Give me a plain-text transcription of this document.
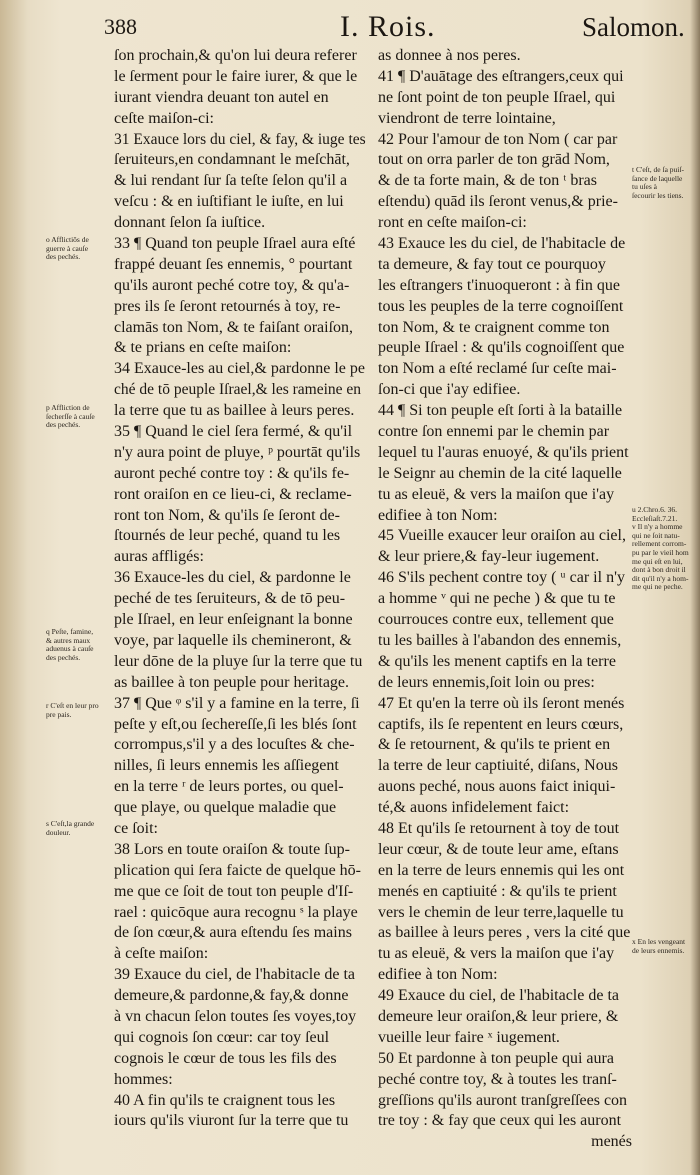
388	I. Rois.	Salomon.
ſon prochain,& qu'on lui deura referer
le ſerment pour le faire iurer, & que le
iurant viendra deuant ton autel en
ceſte maiſon-ci:
31 Exauce lors du ciel, & fay, & iuge tes
ſeruiteurs,en condamnant le meſchāt,
& lui rendant ſur ſa teſte ſelon qu'il a
veſcu : & en iuſtifiant le iuſte, en lui
donnant ſelon ſa iuſtice.
33 ¶ Quand ton peuple Iſrael aura eſté
frappé deuant ſes ennemis, ° pourtant
qu'ils auront peché cotre toy, & qu'a-
pres ils ſe ſeront retournés à toy, re-
clamās ton Nom, & te faiſant oraiſon,
& te prians en ceſte maiſon:
34 Exauce-les au ciel,& pardonne le pe
ché de tō peuple Iſrael,& les rameine en
la terre que tu as baillee à leurs peres.
35 ¶ Quand le ciel ſera fermé, & qu'il
n'y aura point de pluye, ᵖ pourtāt qu'ils
auront peché contre toy : & qu'ils fe-
ront oraiſon en ce lieu-ci, & reclame-
ront ton Nom, & qu'ils ſe ſeront de-
ſtournés de leur peché, quand tu les
auras affligés:
36 Exauce-les du ciel, & pardonne le
peché de tes ſeruiteurs, & de tō peu-
ple Iſrael, en leur enſeignant la bonne
voye, par laquelle ils chemineront, &
leur dōne de la pluye ſur la terre que tu
as baillee à ton peuple pour heritage.
37 ¶ Que ᵠ s'il y a famine en la terre, ſi
peſte y eſt,ou ſechereſſe,ſi les blés ſont
corrompus,s'il y a des locuſtes & che-
nilles, ſi leurs ennemis les aſſiegent
en la terre ʳ de leurs portes, ou quel-
que playe, ou quelque maladie que
ce ſoit:
38 Lors en toute oraiſon & toute ſup-
plication qui ſera faicte de quelque hō-
me que ce ſoit de tout ton peuple d'Iſ-
rael : quicōque aura recognu ˢ la playe
de ſon cœur,& aura eſtendu ſes mains
à ceſte maiſon:
39 Exauce du ciel, de l'habitacle de ta
demeure,& pardonne,& fay,& donne
à vn chacun ſelon toutes ſes voyes,toy
qui cognois ſon cœur: car toy ſeul
cognois le cœur de tous les fils des
hommes:
40 A fin qu'ils te craignent tous les
iours qu'ils viuront ſur la terre que tu
as donnee à nos peres.
41 ¶ D'auātage des eſtrangers,ceux qui
ne ſont point de ton peuple Iſrael, qui
viendront de terre lointaine,
42 Pour l'amour de ton Nom ( car par
tout on orra parler de ton grād Nom,
& de ta forte main, & de ton ᵗ bras
eſtendu) quād ils ſeront venus,& prie-
ront en ceſte maiſon-ci:
43 Exauce les du ciel, de l'habitacle de
ta demeure, & fay tout ce pourquoy
les eſtrangers t'inuoqueront : à fin que
tous les peuples de la terre cognoiſſent
ton Nom, & te craignent comme ton
peuple Iſrael : & qu'ils cognoiſſent que
ton Nom a eſté reclamé ſur ceſte mai-
ſon-ci que i'ay edifiee.
44 ¶ Si ton peuple eſt ſorti à la bataille
contre ſon ennemi par le chemin par
lequel tu l'auras enuoyé, & qu'ils prient
le Seignr au chemin de la cité laquelle
tu as eleuë, & vers la maiſon que i'ay
edifiee à ton Nom:
45 Vueille exaucer leur oraiſon au ciel,
& leur priere,& fay-leur iugement.
46 S'ils pechent contre toy ( ᵘ car il n'y
a homme ᵛ qui ne peche ) & que tu te
courrouces contre eux, tellement que
tu les bailles à l'abandon des ennemis,
& qu'ils les menent captifs en la terre
de leurs ennemis,ſoit loin ou pres:
47 Et qu'en la terre où ils ſeront menés
captifs, ils ſe repentent en leurs cœurs,
& ſe retournent, & qu'ils te prient en
la terre de leur captiuité, diſans, Nous
auons peché, nous auons faict iniqui-
té,& auons infidelement faict:
48 Et qu'ils ſe retournent à toy de tout
leur cœur, & de toute leur ame, eſtans
en la terre de leurs ennemis qui les ont
menés en captiuité : & qu'ils te prient
vers le chemin de leur terre,laquelle tu
as baillee à leurs peres , vers la cité que
tu as eleuë, & vers la maiſon que i'ay
edifiee à ton Nom:
49 Exauce du ciel, de l'habitacle de ta
demeure leur oraiſon,& leur priere, &
vueille leur faire ˣ iugement.
50 Et pardonne à ton peuple qui aura
peché contre toy, & à toutes les tranſ-
greſſions qu'ils auront tranſgreſſees con
tre toy : & fay que ceux qui les auront
menés
o Afflictiōs de
guerre à cauſe
des pechés.
p Affliction de
ſecherſſe à cauſe
des pechés.
q Peſte, famine,
& autres maux
aduenus à cauſe
des pechés.
r C'eſt en leur pro
pre pais.
s C'eſt,la grande
douleur.
t C'eſt, de ſa puiſ-
ſance de laquelle
tu uſes à
ſecourir les tiens.
u 2.Chro.6. 36.
Eccleſiaſt.7.21.
v Il n'y a homme
qui ne ſoit natu-
rellement corrom-
pu par le vieil hom
me qui eſt en lui,
dont à bon droit il
dit qu'il n'y a hom-
me qui ne peche.
x En les vengeant
de leurs ennemis.
